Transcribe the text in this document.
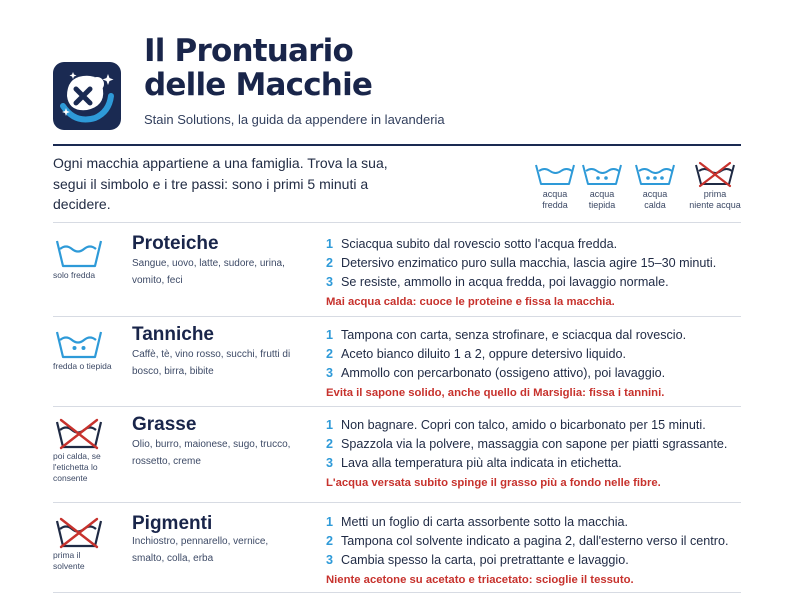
Il Prontuario
delle Macchie
Stain Solutions, la guida da appendere in lavanderia
Ogni macchia appartiene a una famiglia. Trova la sua, segui il simbolo e i tre passi: sono i primi 5 minuti a decidere.
acqua
fredda
acqua
tiepida
acqua
calda
prima
niente acqua
solo fredda
Proteiche
Sangue, uovo, latte, sudore, urina,
vomito, feci
1 Sciacqua subito dal rovescio sotto l'acqua fredda.
2 Detersivo enzimatico puro sulla macchia, lascia agire 15–30 minuti.
3 Se resiste, ammollo in acqua fredda, poi lavaggio normale.
Mai acqua calda: cuoce le proteine e fissa la macchia.
fredda o tiepida
Tanniche
Caffè, tè, vino rosso, succhi, frutti di
bosco, birra, bibite
1 Tampona con carta, senza strofinare, e sciacqua dal rovescio.
2 Aceto bianco diluito 1 a 2, oppure detersivo liquido.
3 Ammollo con percarbonato (ossigeno attivo), poi lavaggio.
Evita il sapone solido, anche quello di Marsiglia: fissa i tannini.
poi calda, se
l'etichetta lo
consente
Grasse
Olio, burro, maionese, sugo, trucco,
rossetto, creme
1 Non bagnare. Copri con talco, amido o bicarbonato per 15 minuti.
2 Spazzola via la polvere, massaggia con sapone per piatti sgrassante.
3 Lava alla temperatura più alta indicata in etichetta.
L'acqua versata subito spinge il grasso più a fondo nelle fibre.
prima il
solvente
Pigmenti
Inchiostro, pennarello, vernice,
smalto, colla, erba
1 Metti un foglio di carta assorbente sotto la macchia.
2 Tampona col solvente indicato a pagina 2, dall'esterno verso il centro.
3 Cambia spesso la carta, poi pretrattante e lavaggio.
Niente acetone su acetato e triacetato: scioglie il tessuto.
